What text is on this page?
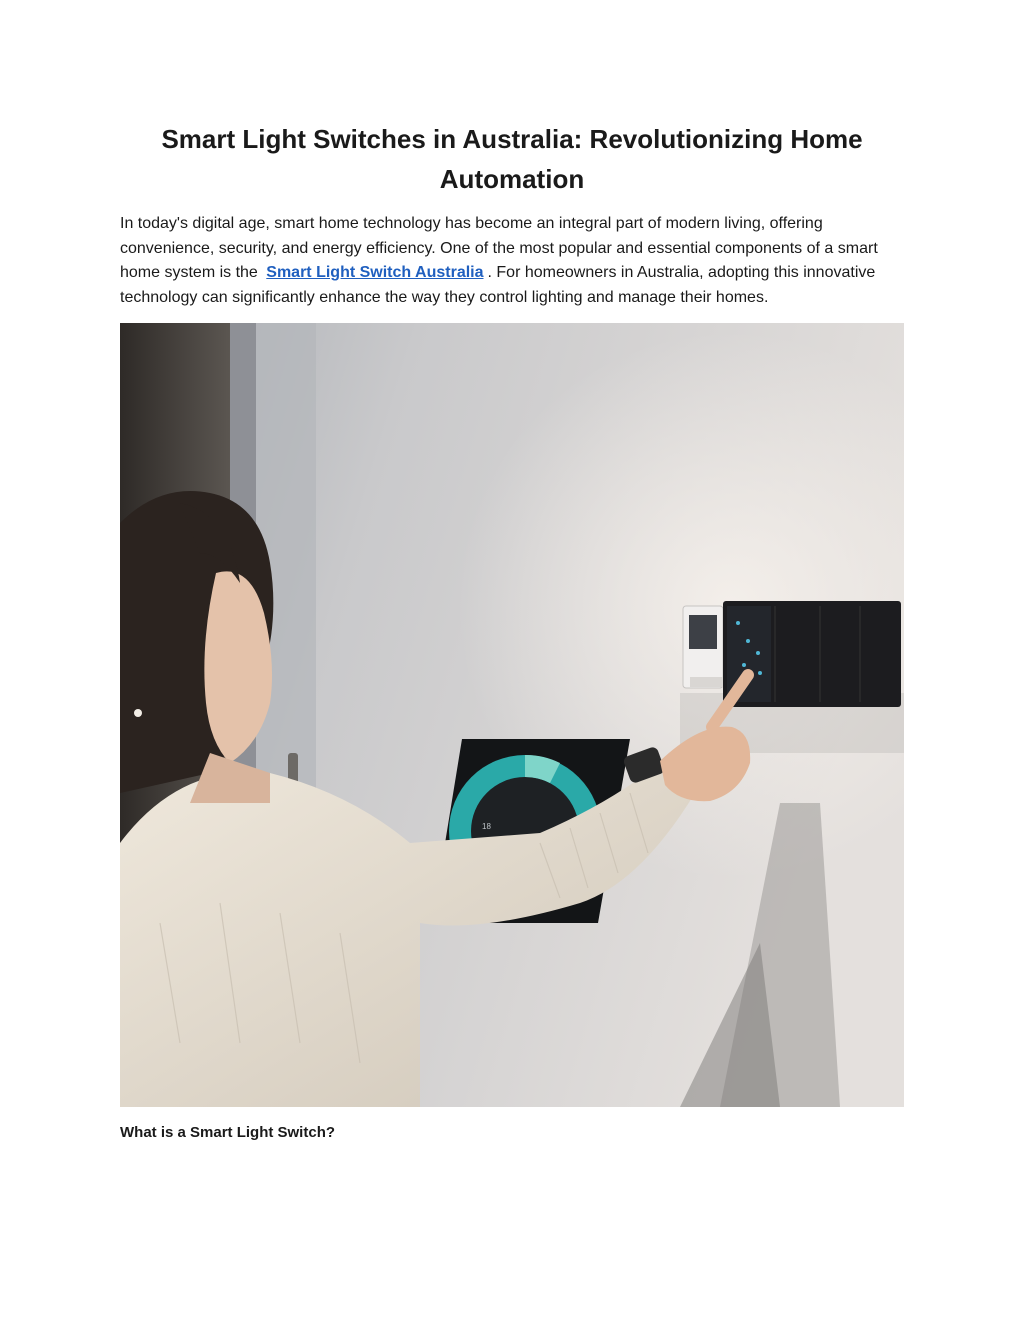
Smart Light Switches in Australia: Revolutionizing Home Automation

In today's digital age, smart home technology has become an integral part of modern living, offering convenience, security, and energy efficiency. One of the most popular and essential components of a smart home system is the Smart Light Switch Australia . For homeowners in Australia, adopting this innovative technology can significantly enhance the way they control lighting and manage their homes.

18
What is a Smart Light Switch?
